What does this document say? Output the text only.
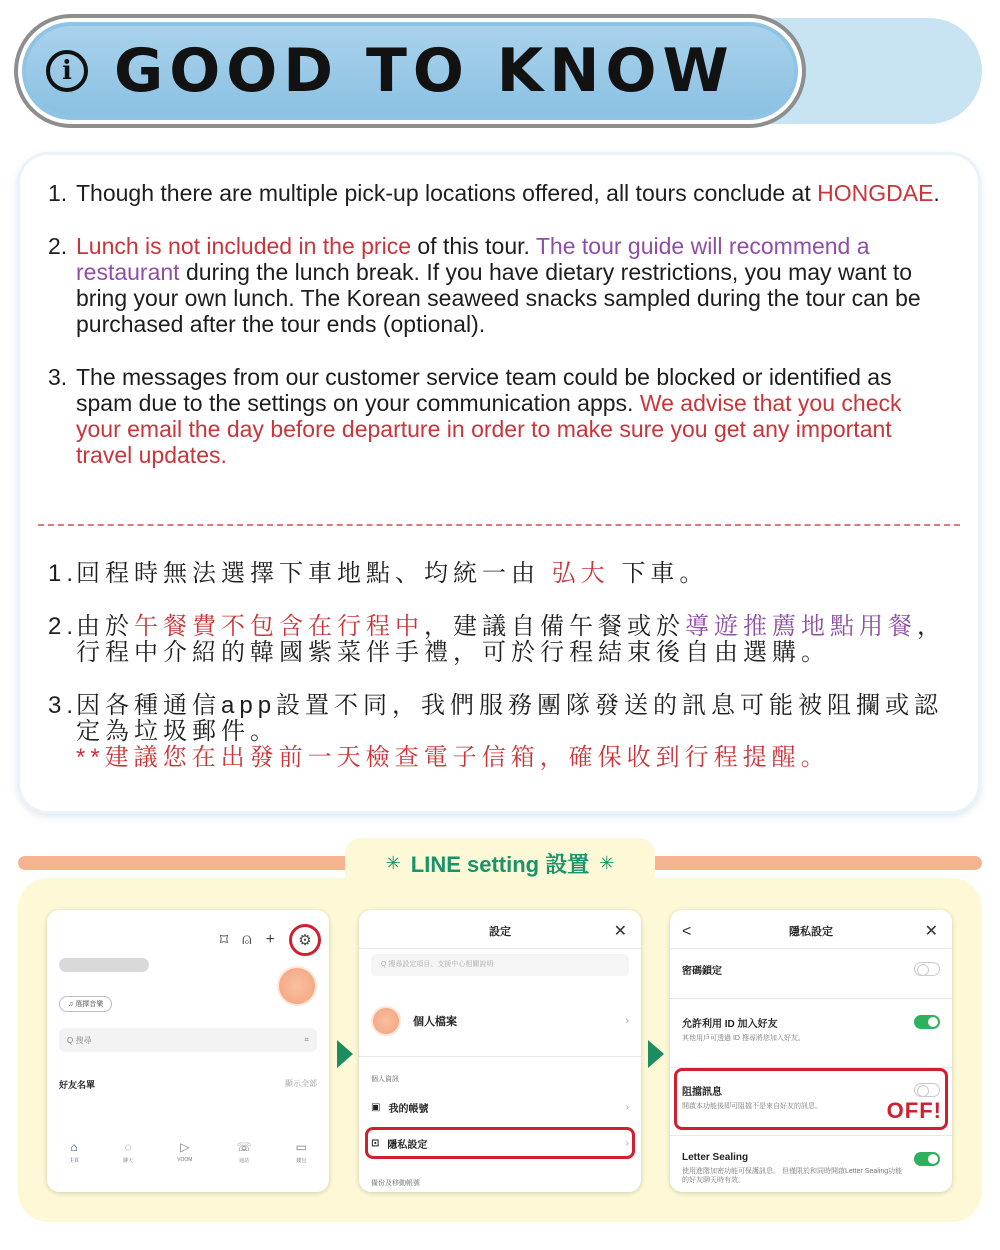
i GOOD TO KNOW
1. Though there are multiple pick-up locations offered, all tours conclude at HONGDAE.
2. Lunch is not included in the price of this tour. The tour guide will recommend a restaurant during the lunch break. If you have dietary restrictions, you may want to bring your own lunch. The Korean seaweed snacks sampled during the tour can be purchased after the tour ends (optional).
3. The messages from our customer service team could be blocked or identified as spam due to the settings on your communication apps. We advise that you check your email the day before departure in order to make sure you get any important travel updates.
1.
回程時無法選擇下車地點、均統一由 弘大 下車。
2.
由於午餐費不包含在行程中，建議自備午餐或於導遊推薦地點用餐，行程中介紹的韓國紫菜伴手禮，可於行程結束後自由選購。
3.
因各種通信app設置不同，我們服務團隊發送的訊息可能被阻攔或認定為垃圾郵件。
**建議您在出發前一天檢查電子信箱，確保收到行程提醒。
✳ LINE setting 設置 ✳
⌑ ⍝ + ⚙
♫ 選擇音樂
Q 搜尋	⌗
好友名單	顯示全部
⌂
主頁
◌
聊天
▷
VOOM
☏
通話
▭
錢包
設定	✕
Q 搜尋設定項目、支援中心相關說明
個人檔案	›
個人資訊
▣ 我的帳號	›
⊡ 隱私設定	›
備份及移動帳號
<	隱私設定	✕
密碼鎖定
允許利用 ID 加入好友
其他用戶可透過 ID 搜尋將您加入好友。
阻擋訊息
開啟本功能後即可阻擋不是來自好友的訊息。
Letter Sealing
使用進階加密功能可保護訊息。 但僅限於和同時開啟Letter Sealing功能的好友聊天時有效。
OFF!
